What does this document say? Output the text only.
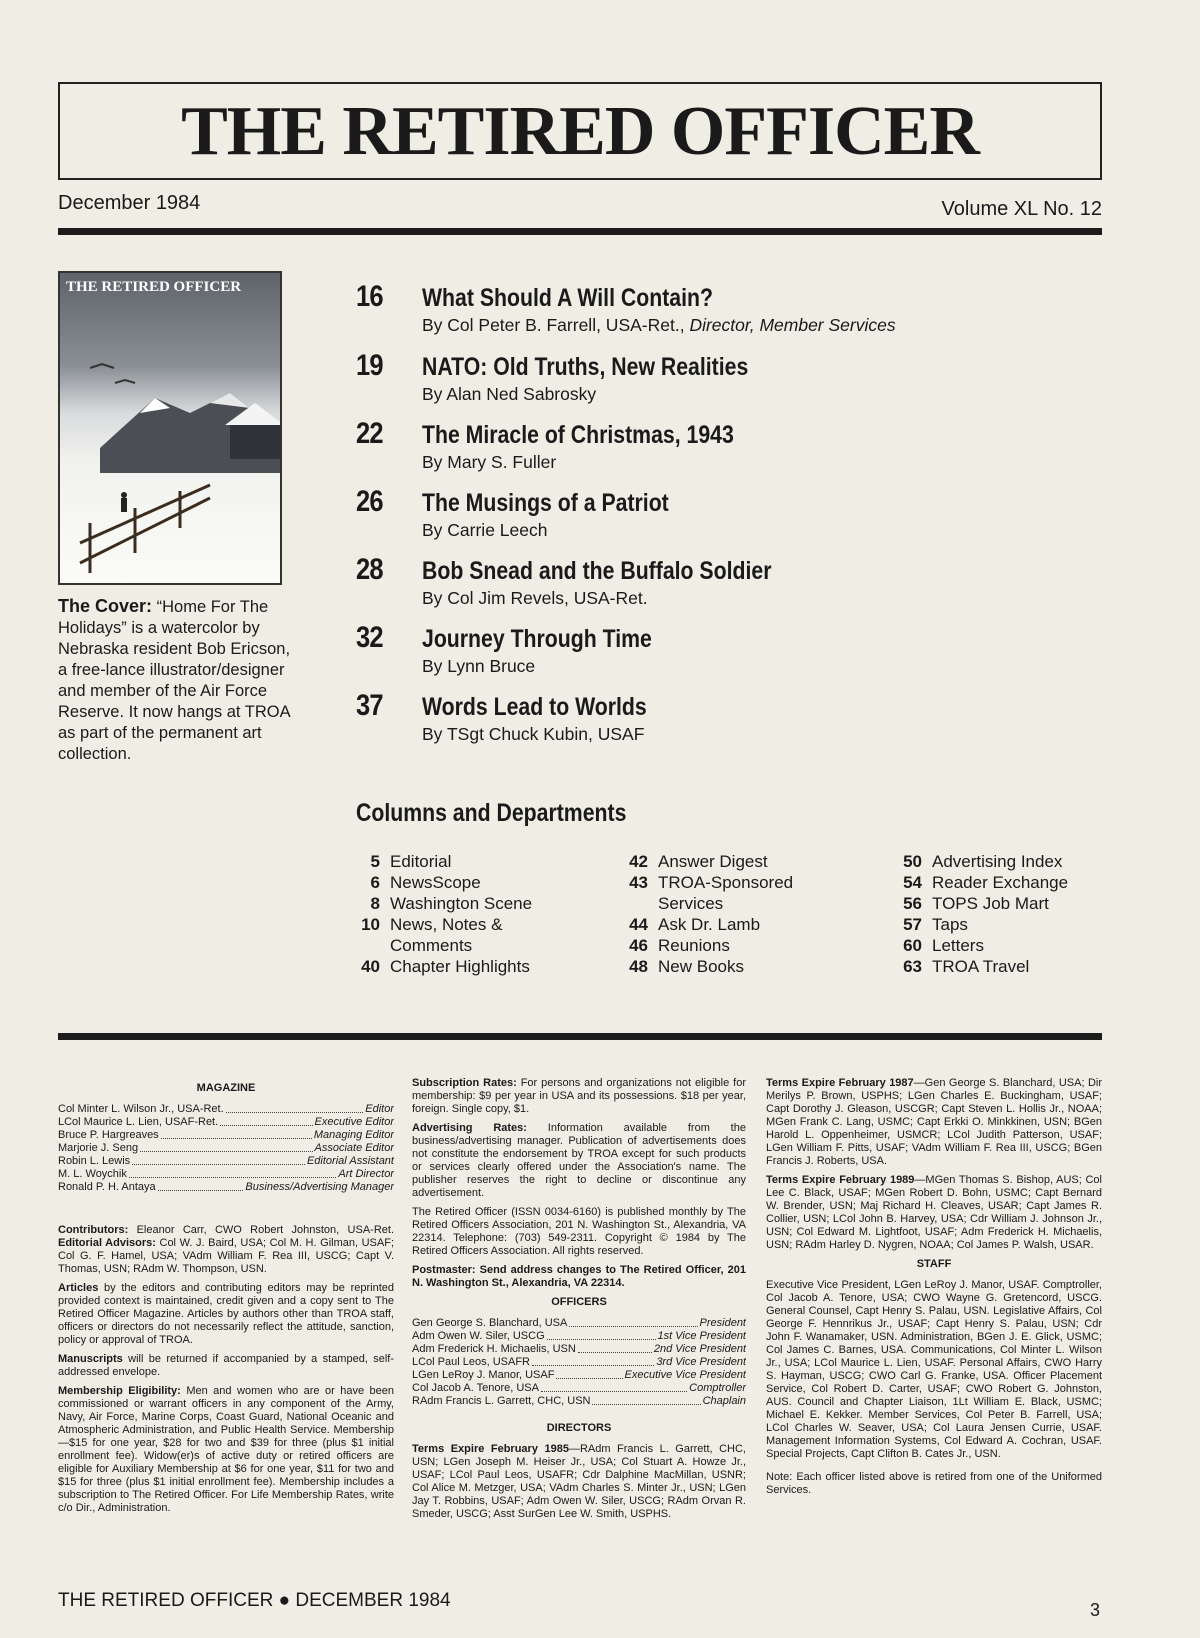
THE RETIRED OFFICER
December 1984	Volume XL No. 12
THE RETIRED OFFICER
The Cover: “Home For The Holidays” is a watercolor by Nebraska resident Bob Ericson, a free-lance illustrator/designer and member of the Air Force Reserve. It now hangs at TROA as part of the permanent art collection.
16 What Should A Will Contain?
By Col Peter B. Farrell, USA-Ret., Director, Member Services
19 NATO: Old Truths, New Realities
By Alan Ned Sabrosky
22 The Miracle of Christmas, 1943
By Mary S. Fuller
26 The Musings of a Patriot
By Carrie Leech
28 Bob Snead and the Buffalo Soldier
By Col Jim Revels, USA-Ret.
32 Journey Through Time
By Lynn Bruce
37 Words Lead to Worlds
By TSgt Chuck Kubin, USAF
Columns and Departments
5 Editorial
6 NewsScope
8 Washington Scene
10 News, Notes &
Comments
40 Chapter Highlights
42 Answer Digest
43 TROA-Sponsored
Services
44 Ask Dr. Lamb
46 Reunions
48 New Books
50 Advertising Index
54 Reader Exchange
56 TOPS Job Mart
57 Taps
60 Letters
63 TROA Travel
MAGAZINE
Col Minter L. Wilson Jr., USA-Ret.	Editor
LCol Maurice L. Lien, USAF-Ret.	Executive Editor
Bruce P. Hargreaves	Managing Editor
Marjorie J. Seng	Associate Editor
Robin L. Lewis	Editorial Assistant
M. L. Woychik	Art Director
Ronald P. H. Antaya	Business/Advertising Manager

Contributors: Eleanor Carr, CWO Robert Johnston, USA-Ret. Editorial Advisors: Col W. J. Baird, USA; Col M. H. Gilman, USAF; Col G. F. Hamel, USA; VAdm William F. Rea III, USCG; Capt V. Thomas, USN; RAdm W. Thompson, USN.

Articles by the editors and contributing editors may be reprinted provided context is maintained, credit given and a copy sent to The Retired Officer Magazine. Articles by authors other than TROA staff, officers or directors do not necessarily reflect the attitude, sanction, policy or approval of TROA.

Manuscripts will be returned if accompanied by a stamped, self-addressed envelope.

Membership Eligibility: Men and women who are or have been commissioned or warrant officers in any component of the Army, Navy, Air Force, Marine Corps, Coast Guard, National Oceanic and Atmospheric Administration, and Public Health Service. Membership—$15 for one year, $28 for two and $39 for three (plus $1 initial enrollment fee). Widow(er)s of active duty or retired officers are eligible for Auxiliary Membership at $6 for one year, $11 for two and $15 for three (plus $1 initial enrollment fee). Membership includes a subscription to The Retired Officer. For Life Membership Rates, write c/o Dir., Administration.

Subscription Rates: For persons and organizations not eligible for membership: $9 per year in USA and its possessions. $18 per year, foreign. Single copy, $1.

Advertising Rates: Information available from the business/advertising manager. Publication of advertisements does not constitute the endorsement by TROA except for such products or services clearly offered under the Association's name. The publisher reserves the right to decline or discontinue any advertisement.

The Retired Officer (ISSN 0034-6160) is published monthly by The Retired Officers Association, 201 N. Washington St., Alexandria, VA 22314. Telephone: (703) 549-2311. Copyright © 1984 by The Retired Officers Association. All rights reserved.

Postmaster: Send address changes to The Retired Officer, 201 N. Washington St., Alexandria, VA 22314.

OFFICERS
Gen George S. Blanchard, USA	President
Adm Owen W. Siler, USCG	1st Vice President
Adm Frederick H. Michaelis, USN	2nd Vice President
LCol Paul Leos, USAFR	3rd Vice President
LGen LeRoy J. Manor, USAF	Executive Vice President
Col Jacob A. Tenore, USA	Comptroller
RAdm Francis L. Garrett, CHC, USN	Chaplain
DIRECTORS

Terms Expire February 1985—RAdm Francis L. Garrett, CHC, USN; LGen Joseph M. Heiser Jr., USA; Col Stuart A. Howze Jr., USAF; LCol Paul Leos, USAFR; Cdr Dalphine MacMillan, USNR; Col Alice M. Metzger, USA; VAdm Charles S. Minter Jr., USN; LGen Jay T. Robbins, USAF; Adm Owen W. Siler, USCG; RAdm Orvan R. Smeder, USCG; Asst SurGen Lee W. Smith, USPHS.

Terms Expire February 1987—Gen George S. Blanchard, USA; Dir Merilys P. Brown, USPHS; LGen Charles E. Buckingham, USAF; Capt Dorothy J. Gleason, USCGR; Capt Steven L. Hollis Jr., NOAA; MGen Frank C. Lang, USMC; Capt Erkki O. Minkkinen, USN; BGen Harold L. Oppenheimer, USMCR; LCol Judith Patterson, USAF; LGen William F. Pitts, USAF; VAdm William F. Rea III, USCG; BGen Francis J. Roberts, USA.

Terms Expire February 1989—MGen Thomas S. Bishop, AUS; Col Lee C. Black, USAF; MGen Robert D. Bohn, USMC; Capt Bernard W. Brender, USN; Maj Richard H. Cleaves, USAR; Capt James R. Collier, USN; LCol John B. Harvey, USA; Cdr William J. Johnson Jr., USN; Col Edward M. Lightfoot, USAF; Adm Frederick H. Michaelis, USN; RAdm Harley D. Nygren, NOAA; Col James P. Walsh, USAR.

STAFF

Executive Vice President, LGen LeRoy J. Manor, USAF. Comptroller, Col Jacob A. Tenore, USA; CWO Wayne G. Gretencord, USCG. General Counsel, Capt Henry S. Palau, USN. Legislative Affairs, Col George F. Hennrikus Jr., USAF; Capt Henry S. Palau, USN; Cdr John F. Wanamaker, USN. Administration, BGen J. E. Glick, USMC; Col James C. Barnes, USA. Communications, Col Minter L. Wilson Jr., USA; LCol Maurice L. Lien, USAF. Personal Affairs, CWO Harry S. Hayman, USCG; CWO Carl G. Franke, USA. Officer Placement Service, Col Robert D. Carter, USAF; CWO Robert G. Johnston, AUS. Council and Chapter Liaison, 1Lt William E. Black, USMC; Michael E. Kekker. Member Services, Col Peter B. Farrell, USA; LCol Charles W. Seaver, USA; Col Laura Jensen Currie, USAF. Management Information Systems, Col Edward A. Cochran, USAF. Special Projects, Capt Clifton B. Cates Jr., USN.

Note: Each officer listed above is retired from one of the Uniformed Services.

THE RETIRED OFFICER ● DECEMBER 1984	3
